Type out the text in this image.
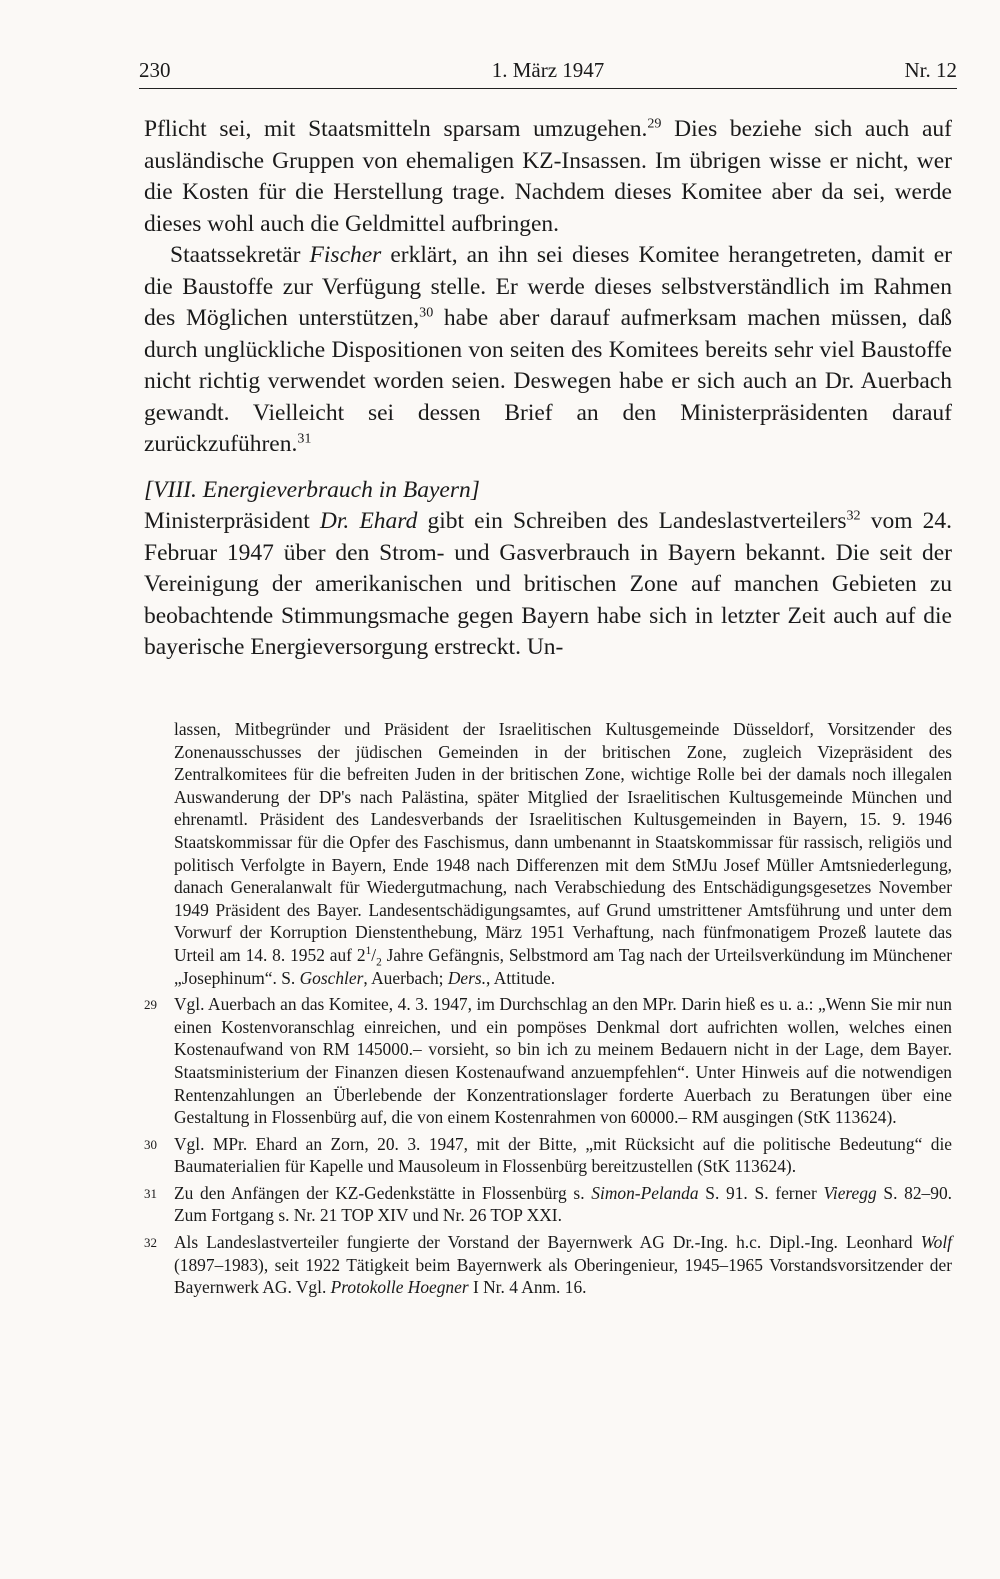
230	1. März 1947	Nr. 12

Pflicht sei, mit Staatsmitteln sparsam umzugehen.$^{29}$ Dies beziehe sich auch auf ausländische Gruppen von ehemaligen KZ-Insassen. Im übrigen wisse er nicht, wer die Kosten für die Herstellung trage. Nachdem dieses Komitee aber da sei, werde dieses wohl auch die Geldmittel aufbringen.

Staatssekretär Fischer erklärt, an ihn sei dieses Komitee herangetreten, damit er die Baustoffe zur Verfügung stelle. Er werde dieses selbstverständlich im Rahmen des Möglichen unterstützen,$^{30}$ habe aber darauf aufmerksam machen müssen, daß durch unglückliche Dispositionen von seiten des Komitees bereits sehr viel Baustoffe nicht richtig verwendet worden seien. Deswegen habe er sich auch an Dr. Auerbach gewandt. Vielleicht sei dessen Brief an den Ministerpräsidenten darauf zurückzuführen.$^{31}$

[VIII. Energieverbrauch in Bayern]

Ministerpräsident Dr. Ehard gibt ein Schreiben des Landeslastverteilers$^{32}$ vom 24. Februar 1947 über den Strom- und Gasverbrauch in Bayern bekannt. Die seit der Vereinigung der amerikanischen und britischen Zone auf manchen Gebieten zu beobachtende Stimmungsmache gegen Bayern habe sich in letzter Zeit auch auf die bayerische Energieversorgung erstreckt. Un-

lassen, Mitbegründer und Präsident der Israelitischen Kultusgemeinde Düsseldorf, Vorsitzender des Zonenausschusses der jüdischen Gemeinden in der britischen Zone, zugleich Vizepräsident des Zentralkomitees für die befreiten Juden in der britischen Zone, wichtige Rolle bei der damals noch illegalen Auswanderung der DP's nach Palästina, später Mitglied der Israelitischen Kultusgemeinde München und ehrenamtl. Präsident des Landesverbands der Israelitischen Kultusgemeinden in Bayern, 15. 9. 1946 Staatskommissar für die Opfer des Faschismus, dann umbenannt in Staatskommissar für rassisch, religiös und politisch Verfolgte in Bayern, Ende 1948 nach Differenzen mit dem StMJu Josef Müller Amtsniederlegung, danach Generalanwalt für Wiedergutmachung, nach Verabschiedung des Entschädigungsgesetzes November 1949 Präsident des Bayer. Landesentschädigungsamtes, auf Grund umstrittener Amtsführung und unter dem Vorwurf der Korruption Dienstenthebung, März 1951 Verhaftung, nach fünfmonatigem Prozeß lautete das Urteil am 14. 8. 1952 auf $2^1/_2$ Jahre Gefängnis, Selbstmord am Tag nach der Urteilsverkündung im Münchener „Josephinum“. S. Goschler, Auerbach; Ders., Attitude.

29 Vgl. Auerbach an das Komitee, 4. 3. 1947, im Durchschlag an den MPr. Darin hieß es u. a.: „Wenn Sie mir nun einen Kostenvoranschlag einreichen, und ein pompöses Denkmal dort aufrichten wollen, welches einen Kostenaufwand von RM 145000.– vorsieht, so bin ich zu meinem Bedauern nicht in der Lage, dem Bayer. Staatsministerium der Finanzen diesen Kostenaufwand anzuempfehlen“. Unter Hinweis auf die notwendigen Rentenzahlungen an Überlebende der Konzentrationslager forderte Auerbach zu Beratungen über eine Gestaltung in Flossenbürg auf, die von einem Kostenrahmen von 60000.– RM ausgingen (StK 113624).
30 Vgl. MPr. Ehard an Zorn, 20. 3. 1947, mit der Bitte, „mit Rücksicht auf die politische Bedeutung“ die Baumaterialien für Kapelle und Mausoleum in Flossenbürg bereitzustellen (StK 113624).
31 Zu den Anfängen der KZ-Gedenkstätte in Flossenbürg s. Simon-Pelanda S. 91. S. ferner Vieregg S. 82–90. Zum Fortgang s. Nr. 21 TOP XIV und Nr. 26 TOP XXI.
32 Als Landeslastverteiler fungierte der Vorstand der Bayernwerk AG Dr.-Ing. h.c. Dipl.-Ing. Leonhard Wolf (1897–1983), seit 1922 Tätigkeit beim Bayernwerk als Oberingenieur, 1945–1965 Vorstandsvorsitzender der Bayernwerk AG. Vgl. Protokolle Hoegner I Nr. 4 Anm. 16.
